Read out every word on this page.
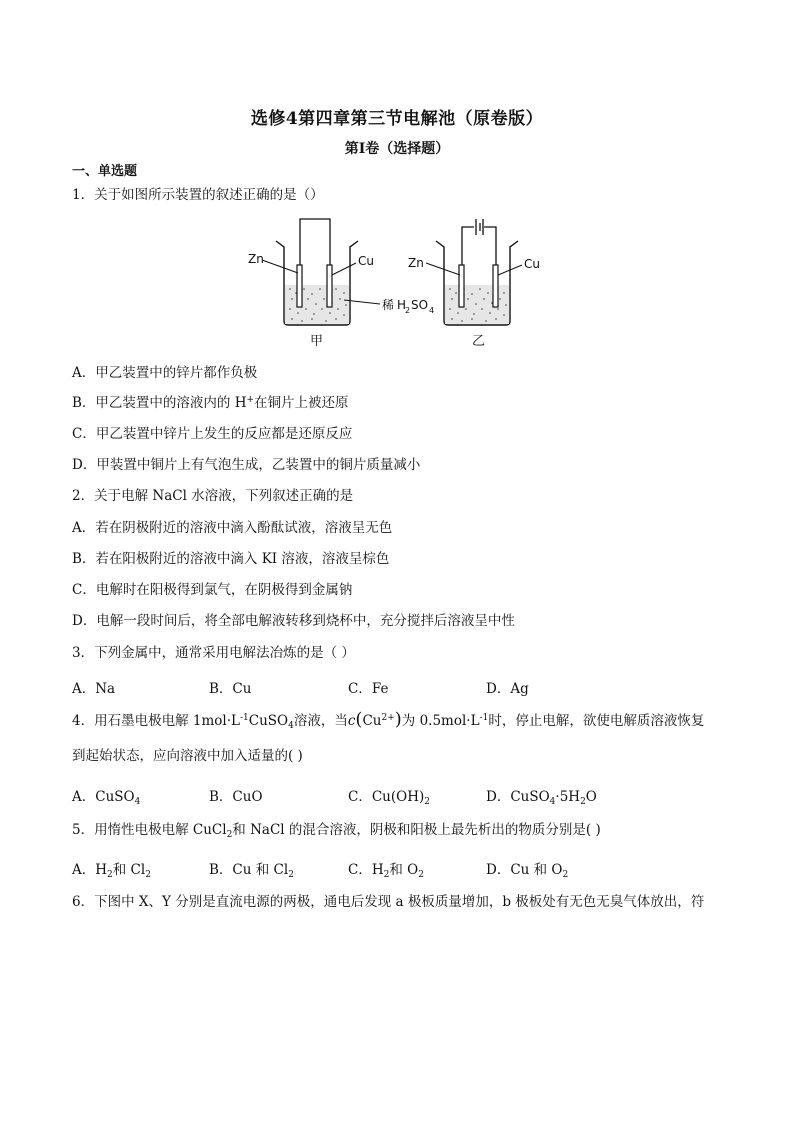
选修4第四章第三节电解池（原卷版）
第I卷（选择题）
一、单选题
1．关于如图所示装置的叙述正确的是（）
Zn	Cu
稀 H
2 SO 4
甲
Zn	Cu
乙
A．甲乙装置中的锌片都作负极
B．甲乙装置中的溶液内的 H+在铜片上被还原
C．甲乙装置中锌片上发生的反应都是还原反应
D．甲装置中铜片上有气泡生成，乙装置中的铜片质量减小
2．关于电解 NaCl 水溶液，下列叙述正确的是
A．若在阴极附近的溶液中滴入酚酞试液，溶液呈无色
B．若在阳极附近的溶液中滴入 KI 溶液，溶液呈棕色
C．电解时在阳极得到氯气，在阴极得到金属钠
D．电解一段时间后，将全部电解液转移到烧杯中，充分搅拌后溶液呈中性
3．下列金属中，通常采用电解法冶炼的是（ ）
A．Na	B．Cu	C．Fe	D．Ag
4．用石墨电极电解 $1mol\cdot L^{-1}CuSO_4$溶液，当$c(Cu^{2+})$为 $0.5mol\cdot L^{-1}$时，停止电解，欲使电解质溶液恢复
到起始状态，应向溶液中加入适量的( )
A．CuSO$_4$	B．CuO	C．$Cu(OH)_2$	D．$CuSO_4\cdot 5H_2O$
5．用惰性电极电解 CuCl$_2$和 NaCl 的混合溶液，阴极和阳极上最先析出的物质分别是( )
A．$H_2$和 $Cl_2$	B．Cu 和 $Cl_2$	C．$H_2$和 $O_2$	D．Cu 和 $O_2$
6．下图中 X、Y 分别是直流电源的两极，通电后发现 a 极板质量增加，b 极板处有无色无臭气体放出，符
